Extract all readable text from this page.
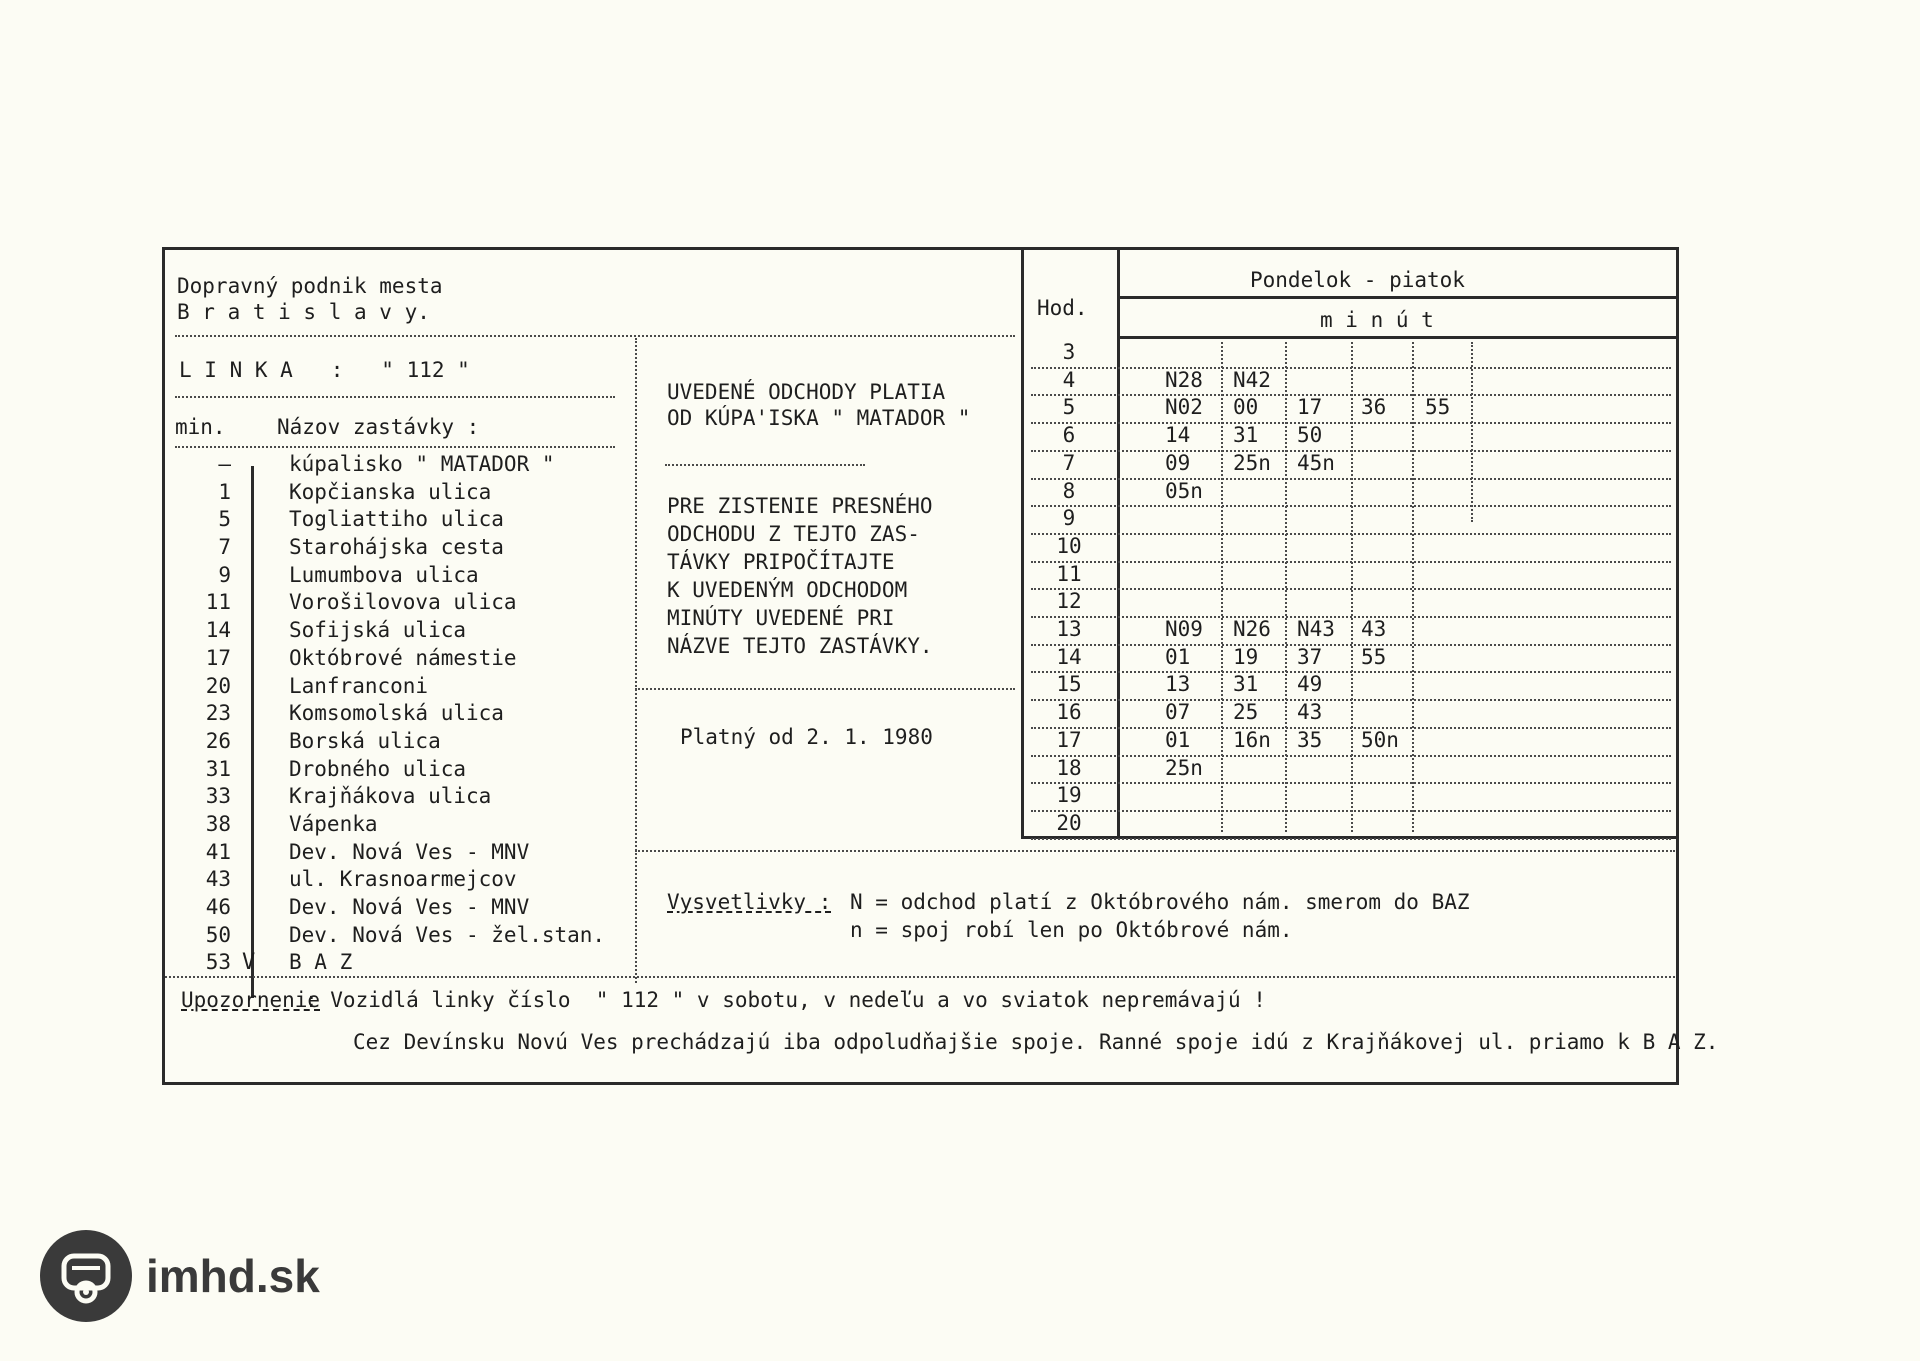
Dopravný podnik mesta
B r a t i s l a v y.
L I N K A   :   " 112 "
min. Názov zastávky :
V
—	kúpalisko " MATADOR "
1	Kopčianska ulica
5	Togliattiho ulica
7	Starohájska cesta
9	Lumumbova ulica
11	Vorošilovova ulica
14	Sofijská ulica
17	Októbrové námestie
20	Lanfranconi
23	Komsomolská ulica
26	Borská ulica
31	Drobného ulica
33	Krajňákova ulica
38	Vápenka
41	Dev. Nová Ves - MNV
43	ul. Krasnoarmejcov
46	Dev. Nová Ves - MNV
50	Dev. Nová Ves - žel.stan.
53	B A Z
UVEDENÉ ODCHODY PLATIA
OD KÚPA'ISKA " MATADOR "
PRE ZISTENIE PRESNÉHO
ODCHODU Z TEJTO ZAS-
TÁVKY PRIPOČÍTAJTE
K UVEDENÝM ODCHODOM
MINÚTY UVEDENÉ PRI
NÁZVE TEJTO ZASTÁVKY.
Platný od 2. 1. 1980
Hod.
Pondelok - piatok
m i n ú t
3
4	N28 N42
5	N02 00 17 36 55
6	14 31 50
7	09 25n 45n
8	05n
9
10
11
12
13	N09 N26 N43 43
14	01 19 37 55
15	13 31 49
16	07 25 43
17	01 16n 35 50n
18	25n
19
20
Vysvetlivky : N = odchod platí z Októbrového nám. smerom do BAZ
n = spoj robí len po Októbrové nám.
Upozornenie
: Vozidlá linky číslo  " 112 " v sobotu, v nedeľu a vo sviatok nepremávajú !
Cez Devínsku Novú Ves prechádzajú iba odpoludňajšie spoje. Ranné spoje idú z Krajňákovej ul. priamo k B A Z.
imhd.sk
